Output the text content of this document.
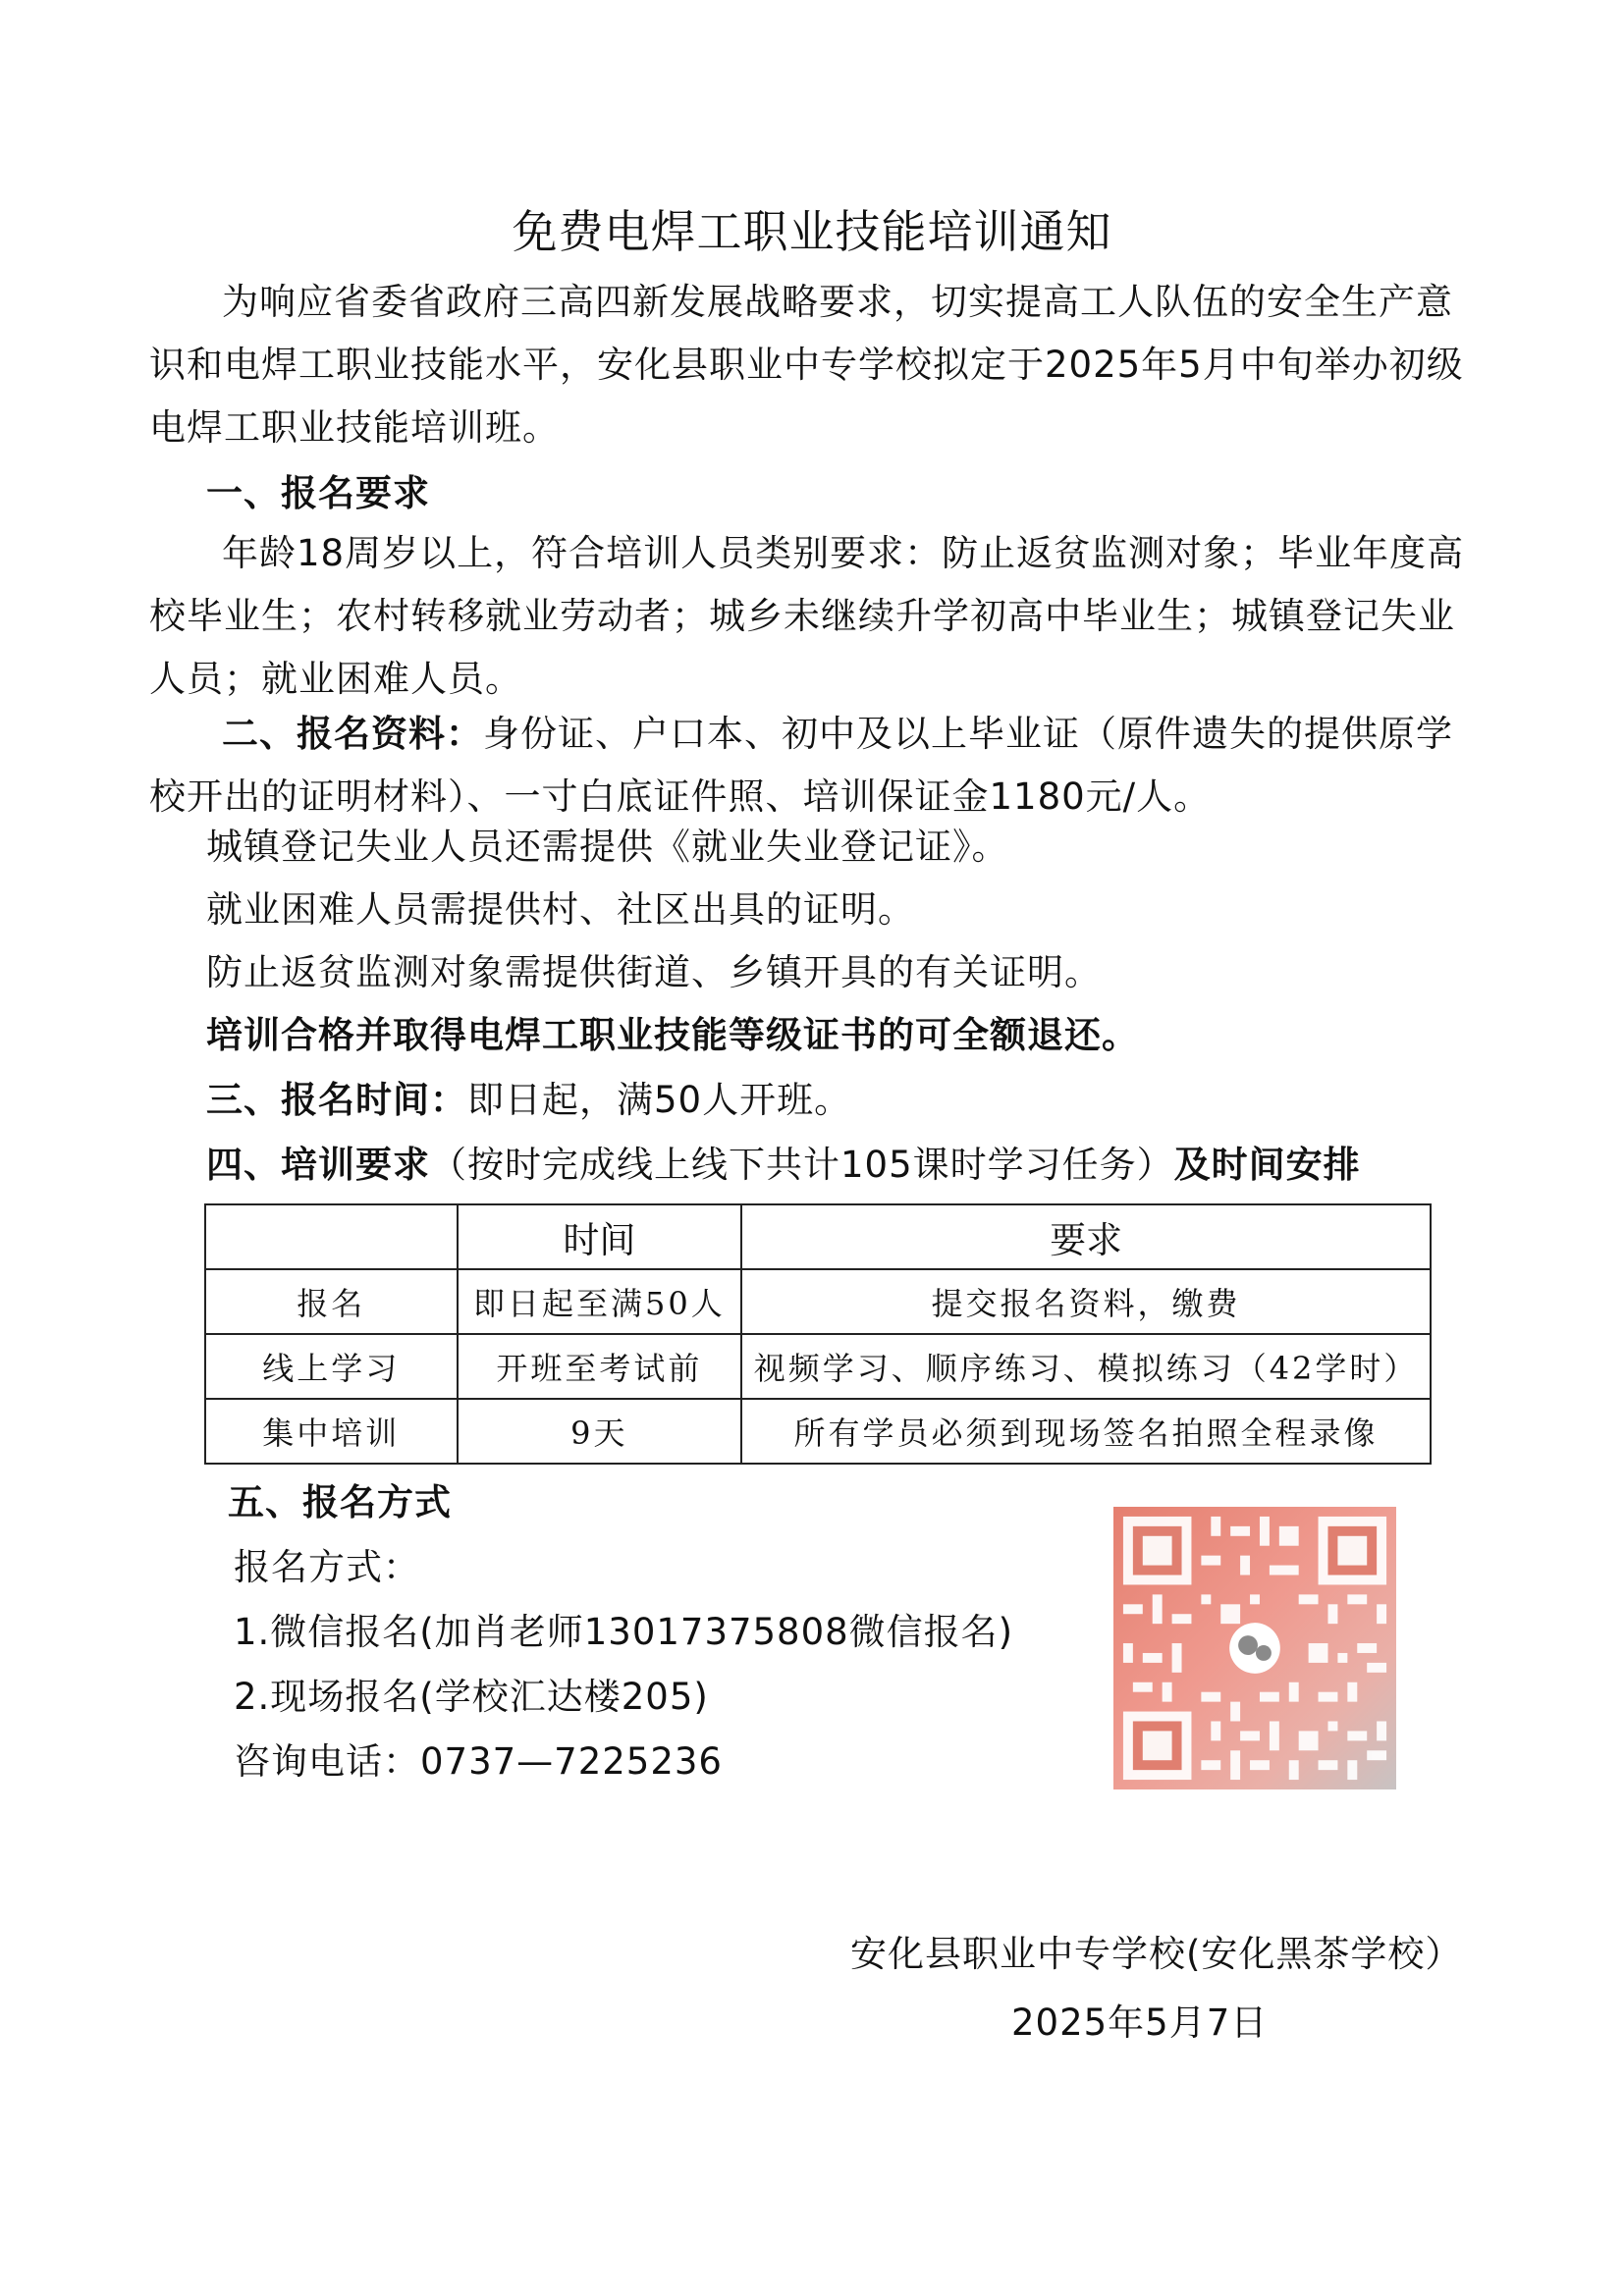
免费电焊工职业技能培训通知
为响应省委省政府三高四新发展战略要求，切实提高工人队伍的安全生产意识和电焊工职业技能水平，安化县职业中专学校拟定于2025年5月中旬举办初级电焊工职业技能培训班。
一、报名要求
年龄18周岁以上，符合培训人员类别要求：防止返贫监测对象；毕业年度高校毕业生；农村转移就业劳动者；城乡未继续升学初高中毕业生；城镇登记失业人员；就业困难人员。
二、报名资料：身份证、户口本、初中及以上毕业证（原件遗失的提供原学校开出的证明材料）、一寸白底证件照、培训保证金1180元/人。
城镇登记失业人员还需提供《就业失业登记证》。
就业困难人员需提供村、社区出具的证明。
防止返贫监测对象需提供街道、乡镇开具的有关证明。
培训合格并取得电焊工职业技能等级证书的可全额退还。
三、报名时间：即日起，满50人开班。
四、培训要求（按时完成线上线下共计105课时学习任务）及时间安排
	时间	要求
报名	即日起至满50人	提交报名资料，缴费
线上学习	开班至考试前	视频学习、顺序练习、模拟练习（42学时）
集中培训	9天	所有学员必须到现场签名拍照全程录像
五、报名方式
报名方式：
1.微信报名(加肖老师13017375808微信报名)
2.现场报名(学校汇达楼205)
咨询电话：0737—7225236
安化县职业中专学校(安化黑茶学校）
2025年5月7日
